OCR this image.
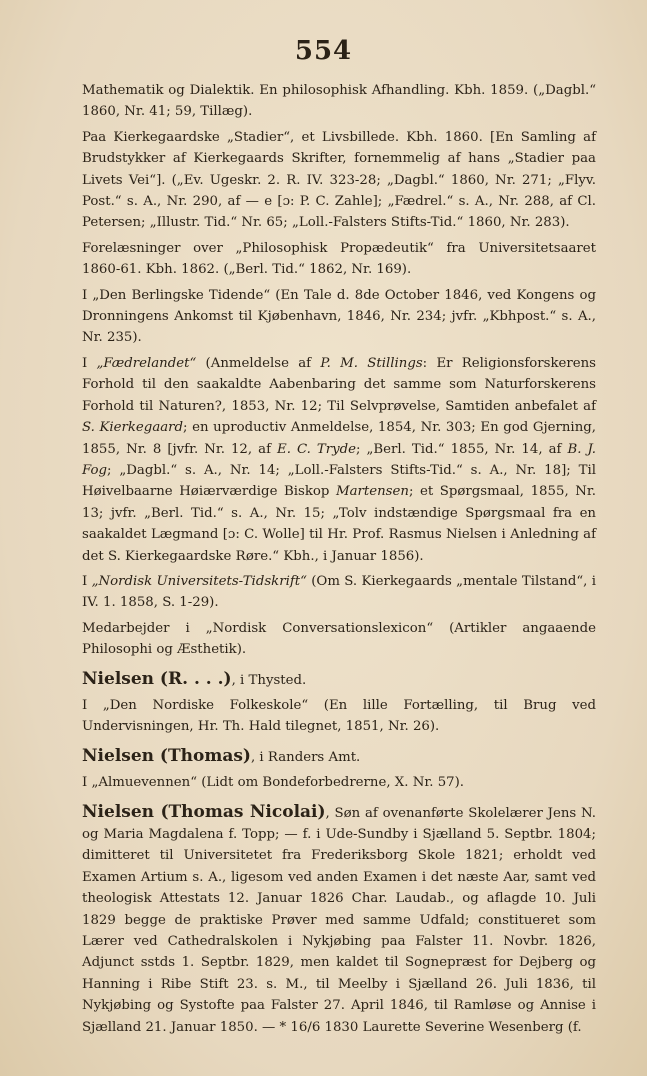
554

Mathematik og Dialektik. En philosophisk Afhandling. Kbh. 1859. („Dagbl.“ 1860, Nr. 41; 59, Tillæg).

Paa Kierkegaardske „Stadier“, et Livsbillede. Kbh. 1860. [En Samling af Brudstykker af Kierkegaards Skrifter, fornemmelig af hans „Stadier paa Livets Vei“]. („Ev. Ugeskr. 2. R. IV. 323-28; „Dagbl.“ 1860, Nr. 271; „Flyv. Post.“ s. A., Nr. 290, af — e [ɔ: P. C. Zahle]; „Fædrel.“ s. A., Nr. 288, af Cl. Petersen; „Illustr. Tid.“ Nr. 65; „Loll.-Falsters Stifts-Tid.“ 1860, Nr. 283).

Forelæsninger over „Philosophisk Propædeutik“ fra Universitetsaaret 1860-61. Kbh. 1862. („Berl. Tid.“ 1862, Nr. 169).

I „Den Berlingske Tidende“ (En Tale d. 8de October 1846, ved Kongens og Dronningens Ankomst til Kjøbenhavn, 1846, Nr. 234; jvfr. „Kbhpost.“ s. A., Nr. 235).

I „Fædrelandet“ (Anmeldelse af P. M. Stillings: Er Religionsforskerens Forhold til den saakaldte Aabenbaring det samme som Naturforskerens Forhold til Naturen?, 1853, Nr. 12; Til Selvprøvelse, Samtiden anbefalet af S. Kierkegaard; en uproductiv Anmeldelse, 1854, Nr. 303; En god Gjerning, 1855, Nr. 8 [jvfr. Nr. 12, af E. C. Tryde; „Berl. Tid.“ 1855, Nr. 14, af B. J. Fog; „Dagbl.“ s. A., Nr. 14; „Loll.-Falsters Stifts-Tid.“ s. A., Nr. 18]; Til Høivelbaarne Høiærværdige Biskop Martensen; et Spørgsmaal, 1855, Nr. 13; jvfr. „Berl. Tid.“ s. A., Nr. 15; „Tolv indstændige Spørgsmaal fra en saakaldet Lægmand [ɔ: C. Wolle] til Hr. Prof. Rasmus Nielsen i Anledning af det S. Kierkegaardske Røre.“ Kbh., i Januar 1856).

I „Nordisk Universitets-Tidskrift“ (Om S. Kierkegaards „mentale Tilstand“, i IV. 1. 1858, S. 1-29).

Medarbejder i „Nordisk Conversationslexicon“ (Artikler angaaende Philosophi og Æsthetik).

Nielsen (R. . . .), i Thysted.

I „Den Nordiske Folkeskole“ (En lille Fortælling, til Brug ved Undervisningen, Hr. Th. Hald tilegnet, 1851, Nr. 26).

Nielsen (Thomas), i Randers Amt.

I „Almuevennen“ (Lidt om Bondeforbedrerne, X. Nr. 57).

Nielsen (Thomas Nicolai), Søn af ovenanførte Skolelærer Jens N. og Maria Magdalena f. Topp; — f. i Ude-Sundby i Sjælland 5. Septbr. 1804; dimitteret til Universitetet fra Frederiksborg Skole 1821; erholdt ved Examen Artium s. A., ligesom ved anden Examen i det næste Aar, samt ved theologisk Attestats 12. Januar 1826 Char. Laudab., og aflagde 10. Juli 1829 begge de praktiske Prøver med samme Udfald; constitueret som Lærer ved Cathedralskolen i Nykjøbing paa Falster 11. Novbr. 1826, Adjunct sstds 1. Septbr. 1829, men kaldet til Sognepræst for Dejberg og Hanning i Ribe Stift 23. s. M., til Meelby i Sjælland 26. Juli 1836, til Nykjøbing og Systofte paa Falster 27. April 1846, til Ramløse og Annise i Sjælland 21. Januar 1850. — * 16/6 1830 Laurette Severine Wesenberg (f.
